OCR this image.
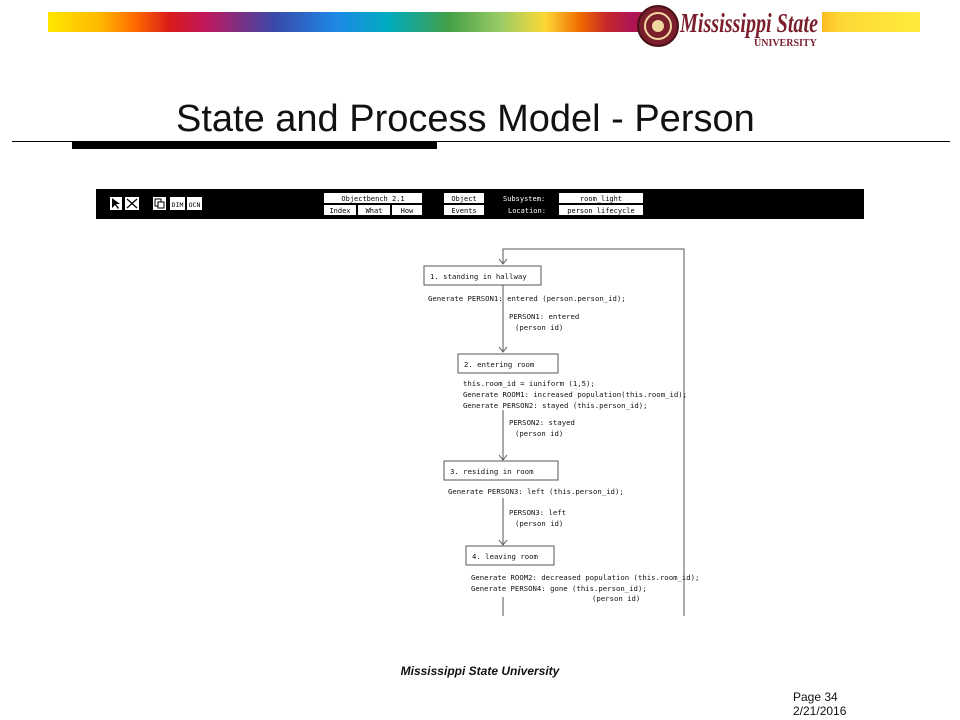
Mississippi State
UNIVERSITY
State and Process Model - Person
DIM OCN
Objectbench 2.1
Index What	How
Object
Events
Subsystem:	room_light
Location:	person lifecycle
1. standing in hallway
Generate PERSON1: entered (person.person_id);
PERSON1: entered
(person id)
2. entering room
this.room_id = iuniform (1,5);
Generate ROOM1: increased population(this.room_id);
Generate PERSON2: stayed (this.person_id);
PERSON2: stayed
(person id)
3. residing in room
Generate PERSON3: left (this.person_id);
PERSON3: left
(person id)
4. leaving room
Generate ROOM2: decreased population (this.room_id);
Generate PERSON4: gone (this.person_id);
(person id)
Mississippi State University
Page 34
2/21/2016
